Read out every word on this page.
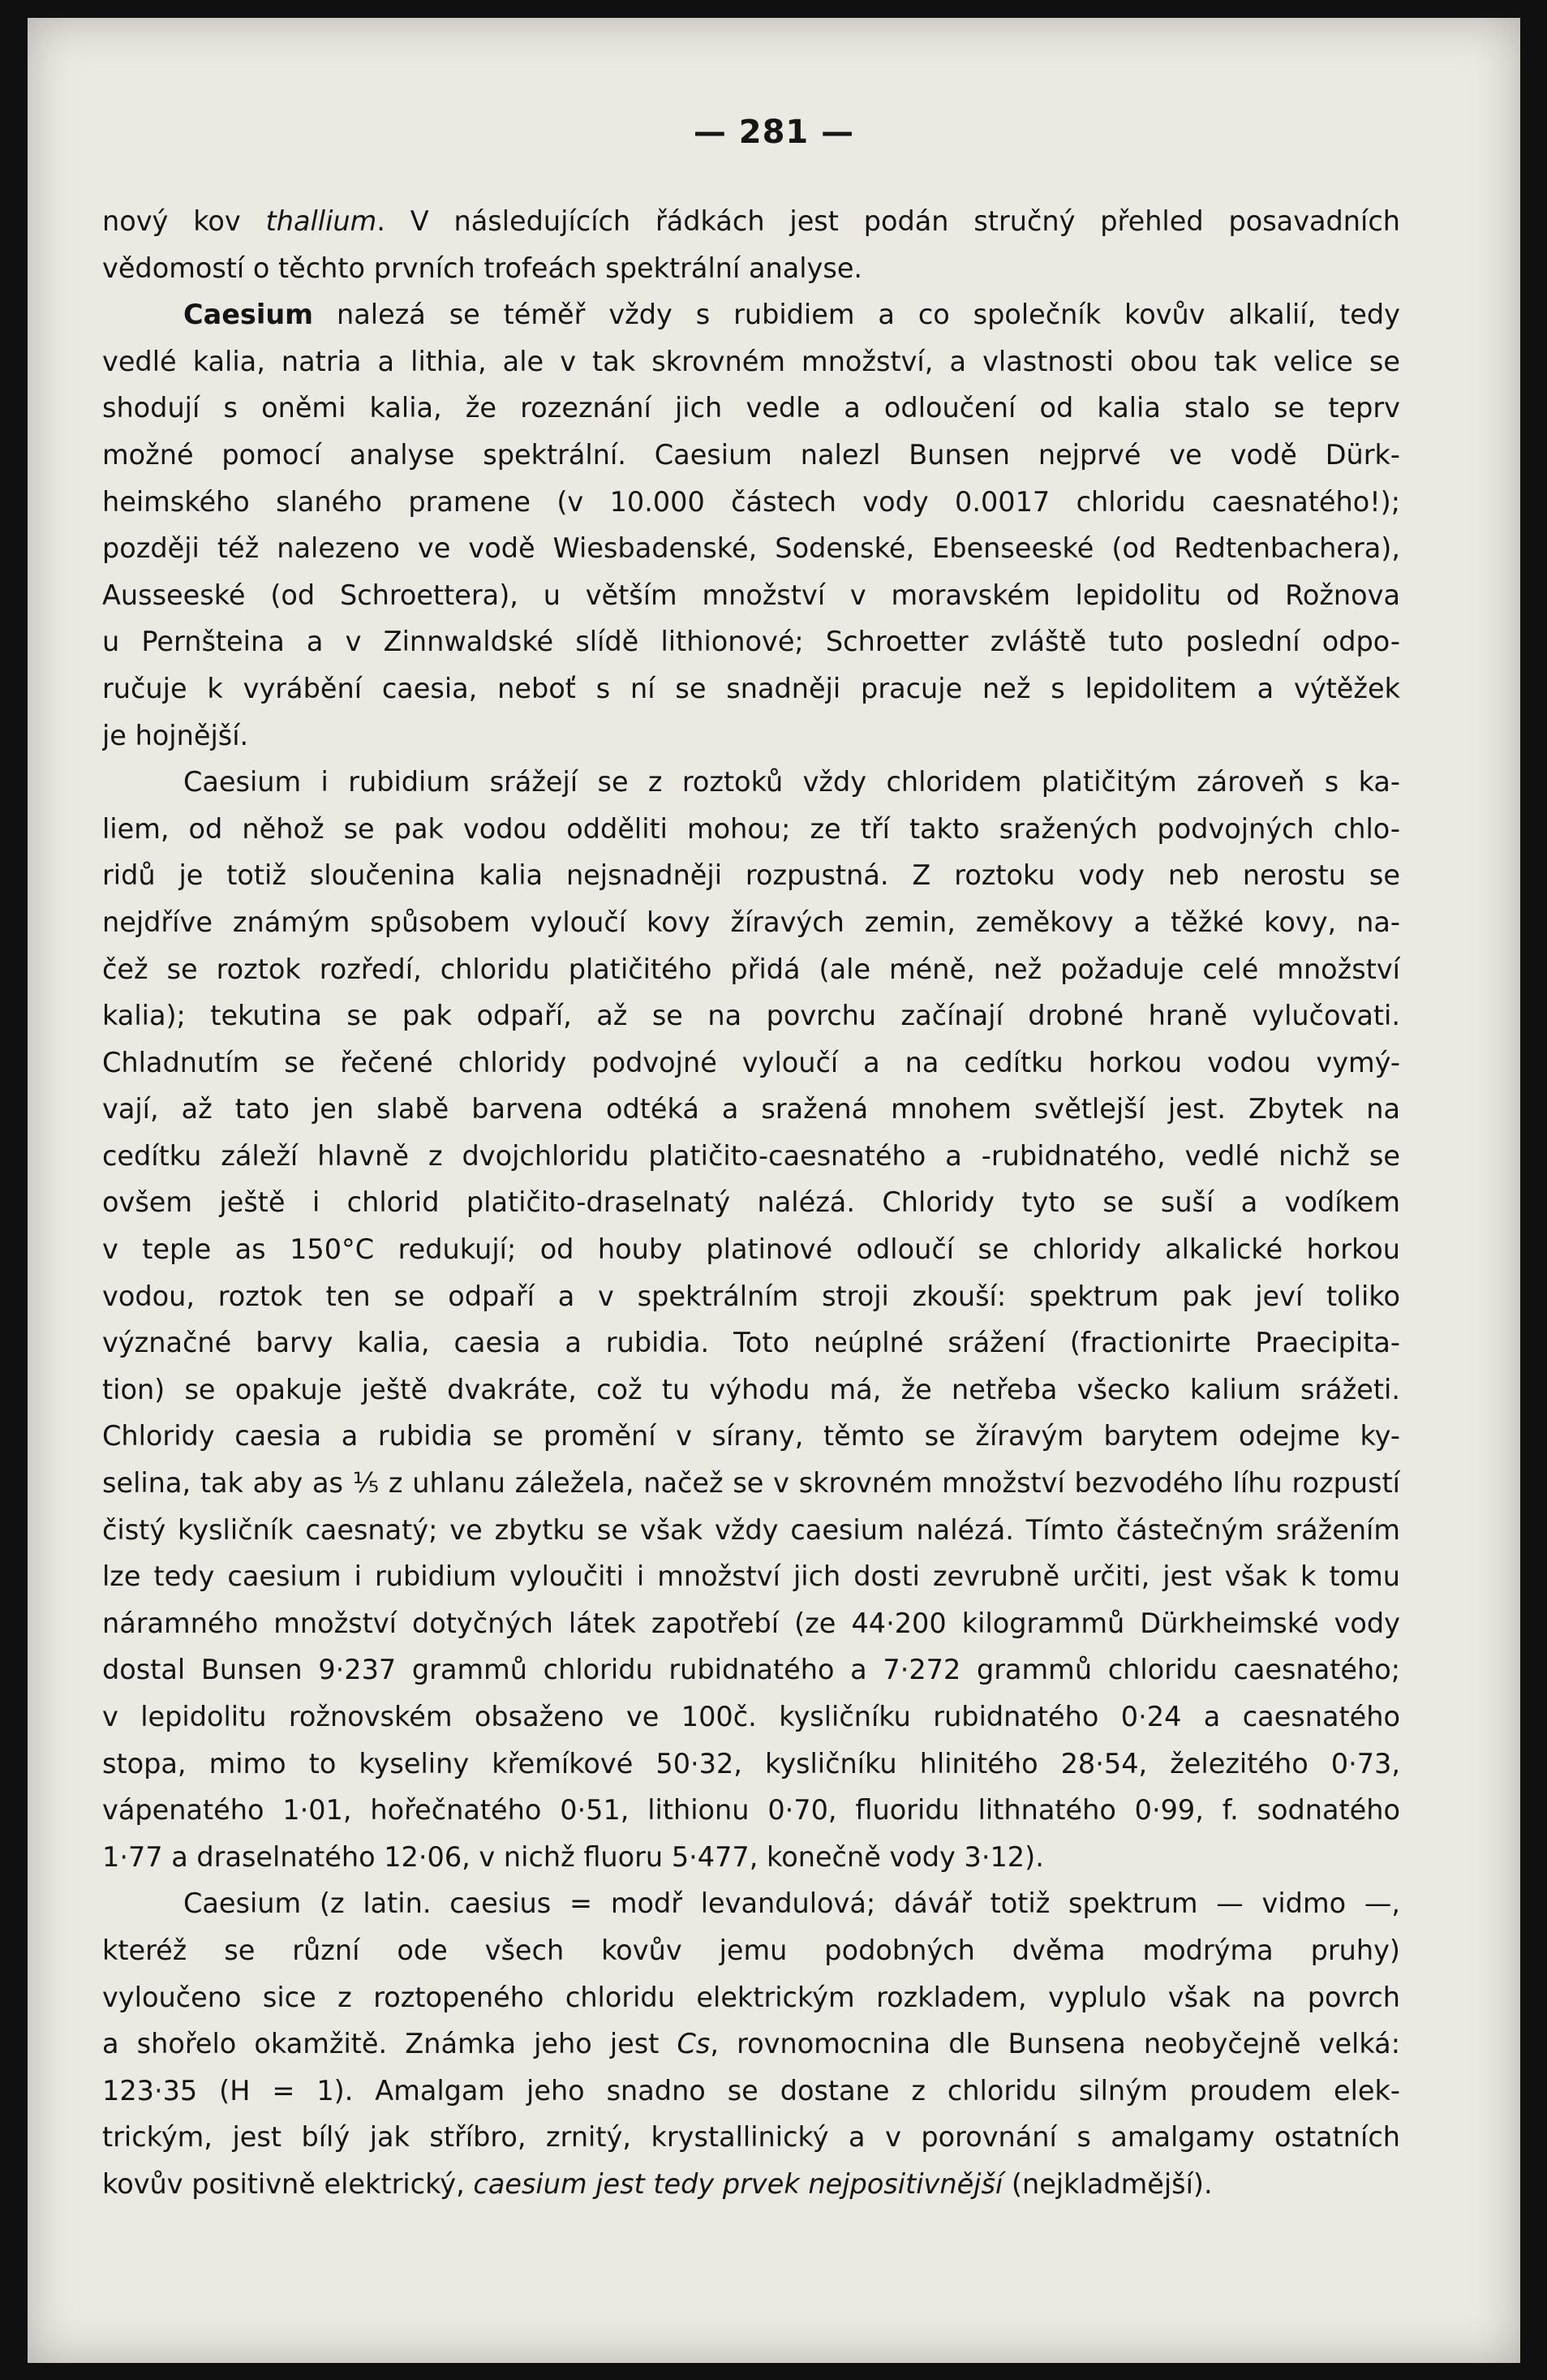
— 281 —
nový kov thallium. V následujících řádkách jest podán stručný přehled posavadních
vědomostí o těchto prvních trofeách spektrální analyse.
Caesium nalezá se téměř vždy s rubidiem a co společník kovův alkalií, tedy
vedlé kalia, natria a lithia, ale v tak skrovném množství, a vlastnosti obou tak velice se
shodují s oněmi kalia, že rozeznání jich vedle a odloučení od kalia stalo se teprv
možné pomocí analyse spektrální. Caesium nalezl Bunsen nejprvé ve vodě Dürk-
heimského slaného pramene (v 10.000 částech vody 0.0017 chloridu caesnatého!);
později též nalezeno ve vodě Wiesbadenské, Sodenské, Ebenseeské (od Redtenbachera),
Ausseeské (od Schroettera), u větším množství v moravském lepidolitu od Rožnova
u Pernšteina a v Zinnwaldské slídě lithionové; Schroetter zvláště tuto poslední odpo-
ručuje k vyrábění caesia, neboť s ní se snadněji pracuje než s lepidolitem a výtěžek
je hojnější.
Caesium i rubidium srážejí se z roztoků vždy chloridem platičitým zároveň s ka-
liem, od něhož se pak vodou odděliti mohou; ze tří takto sražených podvojných chlo-
ridů je totiž sloučenina kalia nejsnadněji rozpustná. Z roztoku vody neb nerostu se
nejdříve známým spůsobem vyloučí kovy žíravých zemin, zeměkovy a těžké kovy, na-
čež se roztok rozředí, chloridu platičitého přidá (ale méně, než požaduje celé množství
kalia); tekutina se pak odpaří, až se na povrchu začínají drobné hraně vylučovati.
Chladnutím se řečené chloridy podvojné vyloučí a na cedítku horkou vodou vymý-
vají, až tato jen slabě barvena odtéká a sražená mnohem světlejší jest. Zbytek na
cedítku záleží hlavně z dvojchloridu platičito-caesnatého a -rubidnatého, vedlé nichž se
ovšem ještě i chlorid platičito-draselnatý nalézá. Chloridy tyto se suší a vodíkem
v teple as 150°C redukují; od houby platinové odloučí se chloridy alkalické horkou
vodou, roztok ten se odpaří a v spektrálním stroji zkouší: spektrum pak jeví toliko
význačné barvy kalia, caesia a rubidia. Toto neúplné srážení (fractionirte Praecipita-
tion) se opakuje ještě dvakráte, což tu výhodu má, že netřeba všecko kalium srážeti.
Chloridy caesia a rubidia se promění v sírany, těmto se žíravým barytem odejme ky-
selina, tak aby as ⅕ z uhlanu záležela, načež se v skrovném množství bezvodého líhu rozpustí
čistý kysličník caesnatý; ve zbytku se však vždy caesium nalézá. Tímto částečným srážením
lze tedy caesium i rubidium vyloučiti i množství jich dosti zevrubně určiti, jest však k tomu
náramného množství dotyčných látek zapotřebí (ze 44·200 kilogrammů Dürkheimské vody
dostal Bunsen 9·237 grammů chloridu rubidnatého a 7·272 grammů chloridu caesnatého;
v lepidolitu rožnovském obsaženo ve 100č. kysličníku rubidnatého 0·24 a caesnatého
stopa, mimo to kyseliny křemíkové 50·32, kysličníku hlinitého 28·54, železitého 0·73,
vápenatého 1·01, hořečnatého 0·51, lithionu 0·70, fluoridu lithnatého 0·99, f. sodnatého
1·77 a draselnatého 12·06, v nichž fluoru 5·477, konečně vody 3·12).
Caesium (z latin. caesius = modř levandulová; dávář totiž spektrum — vidmo —,
kteréž se různí ode všech kovův jemu podobných dvěma modrýma pruhy)
vyloučeno sice z roztopeného chloridu elektrickým rozkladem, vyplulo však na povrch
a shořelo okamžitě. Známka jeho jest Cs, rovnomocnina dle Bunsena neobyčejně velká:
123·35 (H = 1). Amalgam jeho snadno se dostane z chloridu silným proudem elek-
trickým, jest bílý jak stříbro, zrnitý, krystallinický a v porovnání s amalgamy ostatních
kovův positivně elektrický, caesium jest tedy prvek nejpositivnější (nejkladmější).
